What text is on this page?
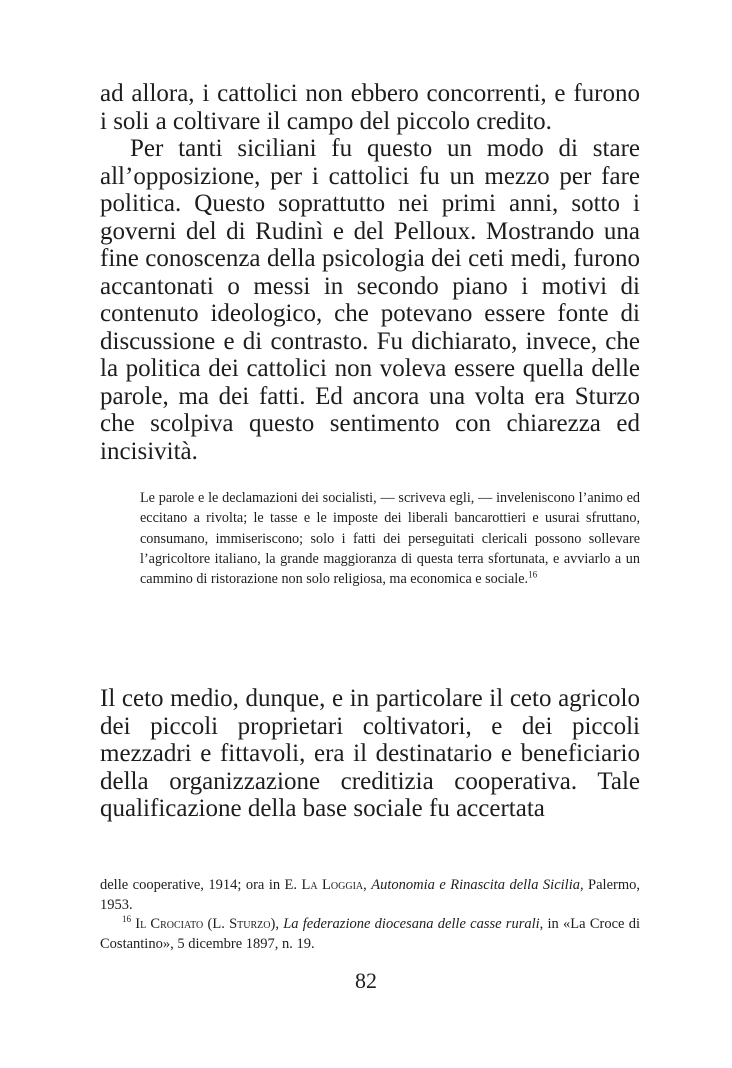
ad allora, i cattolici non ebbero concorrenti, e furono i soli a coltivare il campo del piccolo credito.

Per tanti siciliani fu questo un modo di stare all’opposizione, per i cattolici fu un mezzo per fare politica. Questo soprattutto nei primi anni, sotto i governi del di Rudinì e del Pelloux. Mostrando una fine conoscenza della psicologia dei ceti medi, furono accantonati o messi in secondo piano i motivi di contenuto ideologico, che potevano essere fonte di discussione e di contrasto. Fu dichiarato, invece, che la politica dei cattolici non voleva essere quella delle parole, ma dei fatti. Ed ancora una volta era Sturzo che scolpiva questo sentimento con chiarezza ed incisività.

Le parole e le declamazioni dei socialisti, — scriveva egli, — inveleniscono l’animo ed eccitano a rivolta; le tasse e le imposte dei liberali bancarottieri e usurai sfruttano, consumano, immiseriscono; solo i fatti dei perseguitati clericali possono sollevare l’agricoltore italiano, la grande maggioranza di questa terra sfortunata, e avviarlo a un cammino di ristorazione non solo religiosa, ma economica e sociale.$^{16}$

Il ceto medio, dunque, e in particolare il ceto agricolo dei piccoli proprietari coltivatori, e dei piccoli mezzadri e fittavoli, era il destinatario e beneficiario della organizzazione creditizia cooperativa. Tale qualificazione della base sociale fu accertata

delle cooperative, 1914; ora in E. La Loggia, Autonomia e Rinascita della Sicilia, Palermo, 1953.

$^{16}$ Il Crociato (L. Sturzo), La federazione diocesana delle casse rurali, in «La Croce di Costantino», 5 dicembre 1897, n. 19.

82
